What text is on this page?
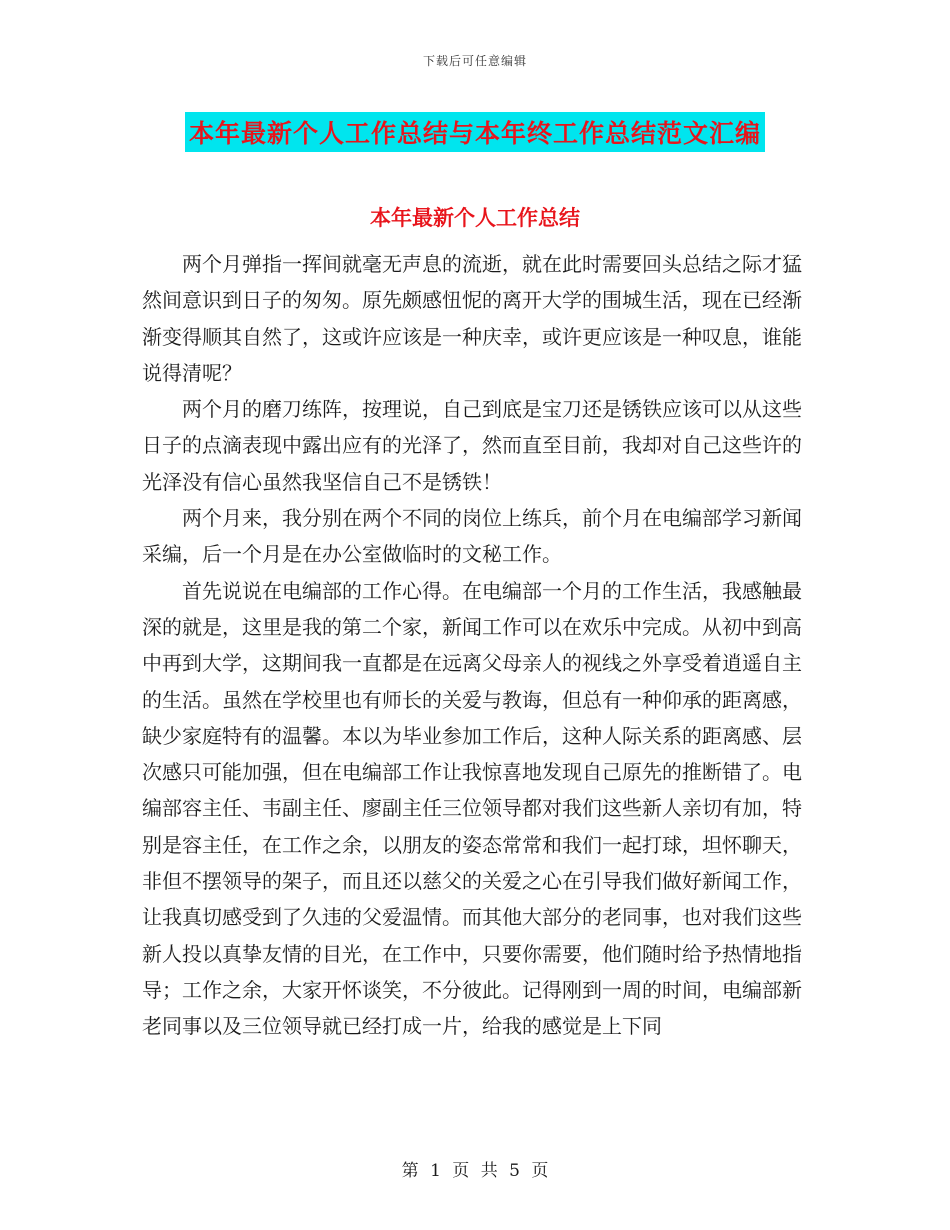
下载后可任意编辑
本年最新个人工作总结与本年终工作总结范文汇编
本年最新个人工作总结

两个月弹指一挥间就毫无声息的流逝，就在此时需要回头总结之际才猛然间意识到日子的匆匆。原先颇感忸怩的离开大学的围城生活，现在已经渐渐变得顺其自然了，这或许应该是一种庆幸，或许更应该是一种叹息，谁能说得清呢？

两个月的磨刀练阵，按理说，自己到底是宝刀还是锈铁应该可以从这些日子的点滴表现中露出应有的光泽了，然而直至目前，我却对自己这些许的光泽没有信心虽然我坚信自己不是锈铁！

两个月来，我分别在两个不同的岗位上练兵，前个月在电编部学习新闻采编，后一个月是在办公室做临时的文秘工作。

首先说说在电编部的工作心得。在电编部一个月的工作生活，我感触最深的就是，这里是我的第二个家，新闻工作可以在欢乐中完成。从初中到高中再到大学，这期间我一直都是在远离父母亲人的视线之外享受着逍遥自主的生活。虽然在学校里也有师长的关爱与教诲，但总有一种仰承的距离感，缺少家庭特有的温馨。本以为毕业参加工作后，这种人际关系的距离感、层次感只可能加强，但在电编部工作让我惊喜地发现自己原先的推断错了。电编部容主任、韦副主任、廖副主任三位领导都对我们这些新人亲切有加，特别是容主任，在工作之余，以朋友的姿态常常和我们一起打球，坦怀聊天，非但不摆领导的架子，而且还以慈父的关爱之心在引导我们做好新闻工作，让我真切感受到了久违的父爱温情。而其他大部分的老同事，也对我们这些新人投以真挚友情的目光，在工作中，只要你需要，他们随时给予热情地指导；工作之余，大家开怀谈笑，不分彼此。记得刚到一周的时间，电编部新老同事以及三位领导就已经打成一片，给我的感觉是上下同

第 1 页 共 5 页
